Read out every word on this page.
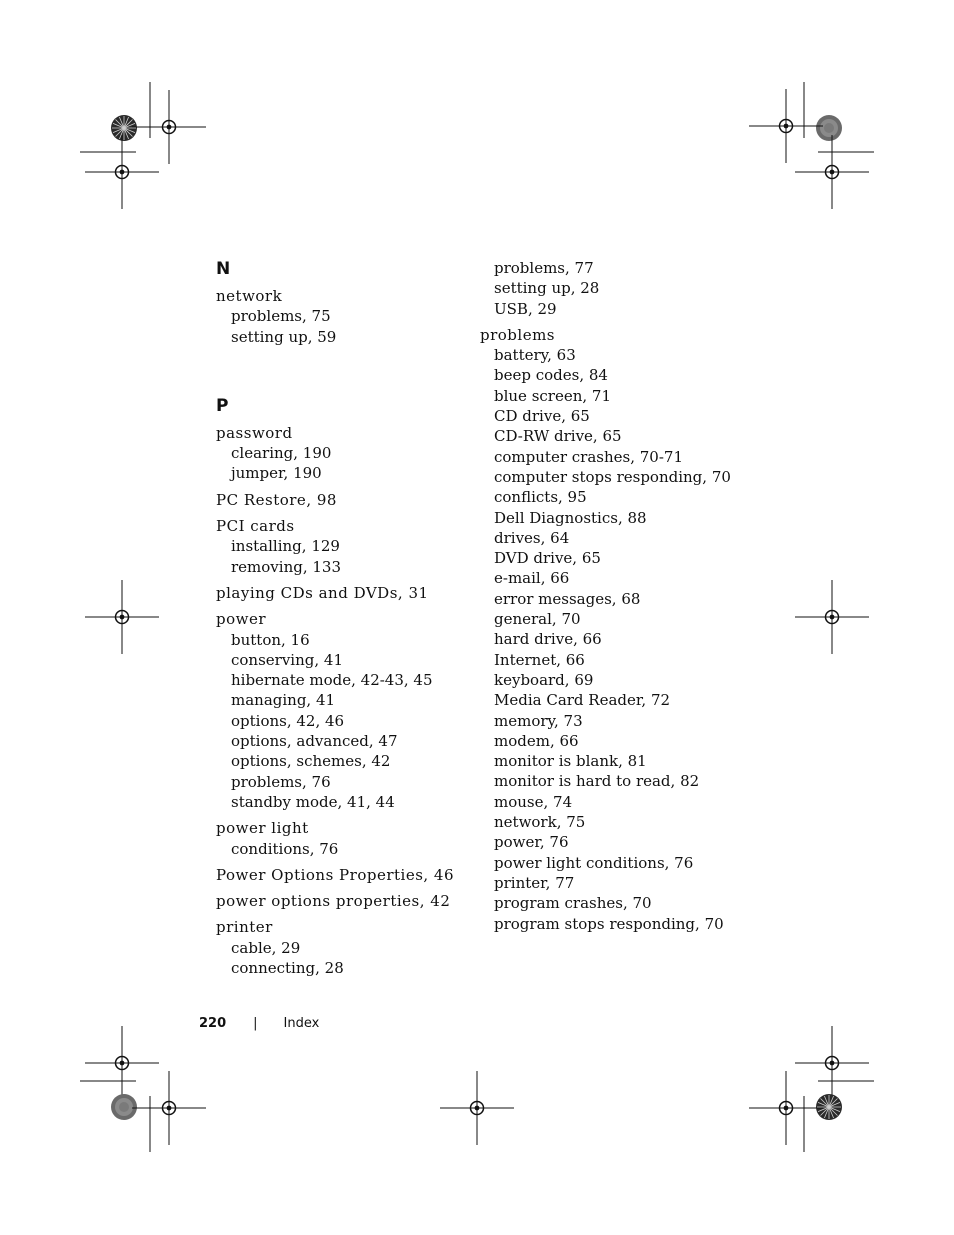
N
network
problems, 75
setting up, 59
P
password
clearing, 190
jumper, 190
PC Restore, 98
PCI cards
installing, 129
removing, 133
playing CDs and DVDs, 31
power
button, 16
conserving, 41
hibernate mode, 42-43, 45
managing, 41
options, 42, 46
options, advanced, 47
options, schemes, 42
problems, 76
standby mode, 41, 44
power light
conditions, 76
Power Options Properties, 46
power options properties, 42
printer
cable, 29
connecting, 28
problems, 77
setting up, 28
USB, 29
problems
battery, 63
beep codes, 84
blue screen, 71
CD drive, 65
CD-RW drive, 65
computer crashes, 70-71
computer stops responding, 70
conflicts, 95
Dell Diagnostics, 88
drives, 64
DVD drive, 65
e-mail, 66
error messages, 68
general, 70
hard drive, 66
Internet, 66
keyboard, 69
Media Card Reader, 72
memory, 73
modem, 66
monitor is blank, 81
monitor is hard to read, 82
mouse, 74
network, 75
power, 76
power light conditions, 76
printer, 77
program crashes, 70
program stops responding, 70
220 | Index
